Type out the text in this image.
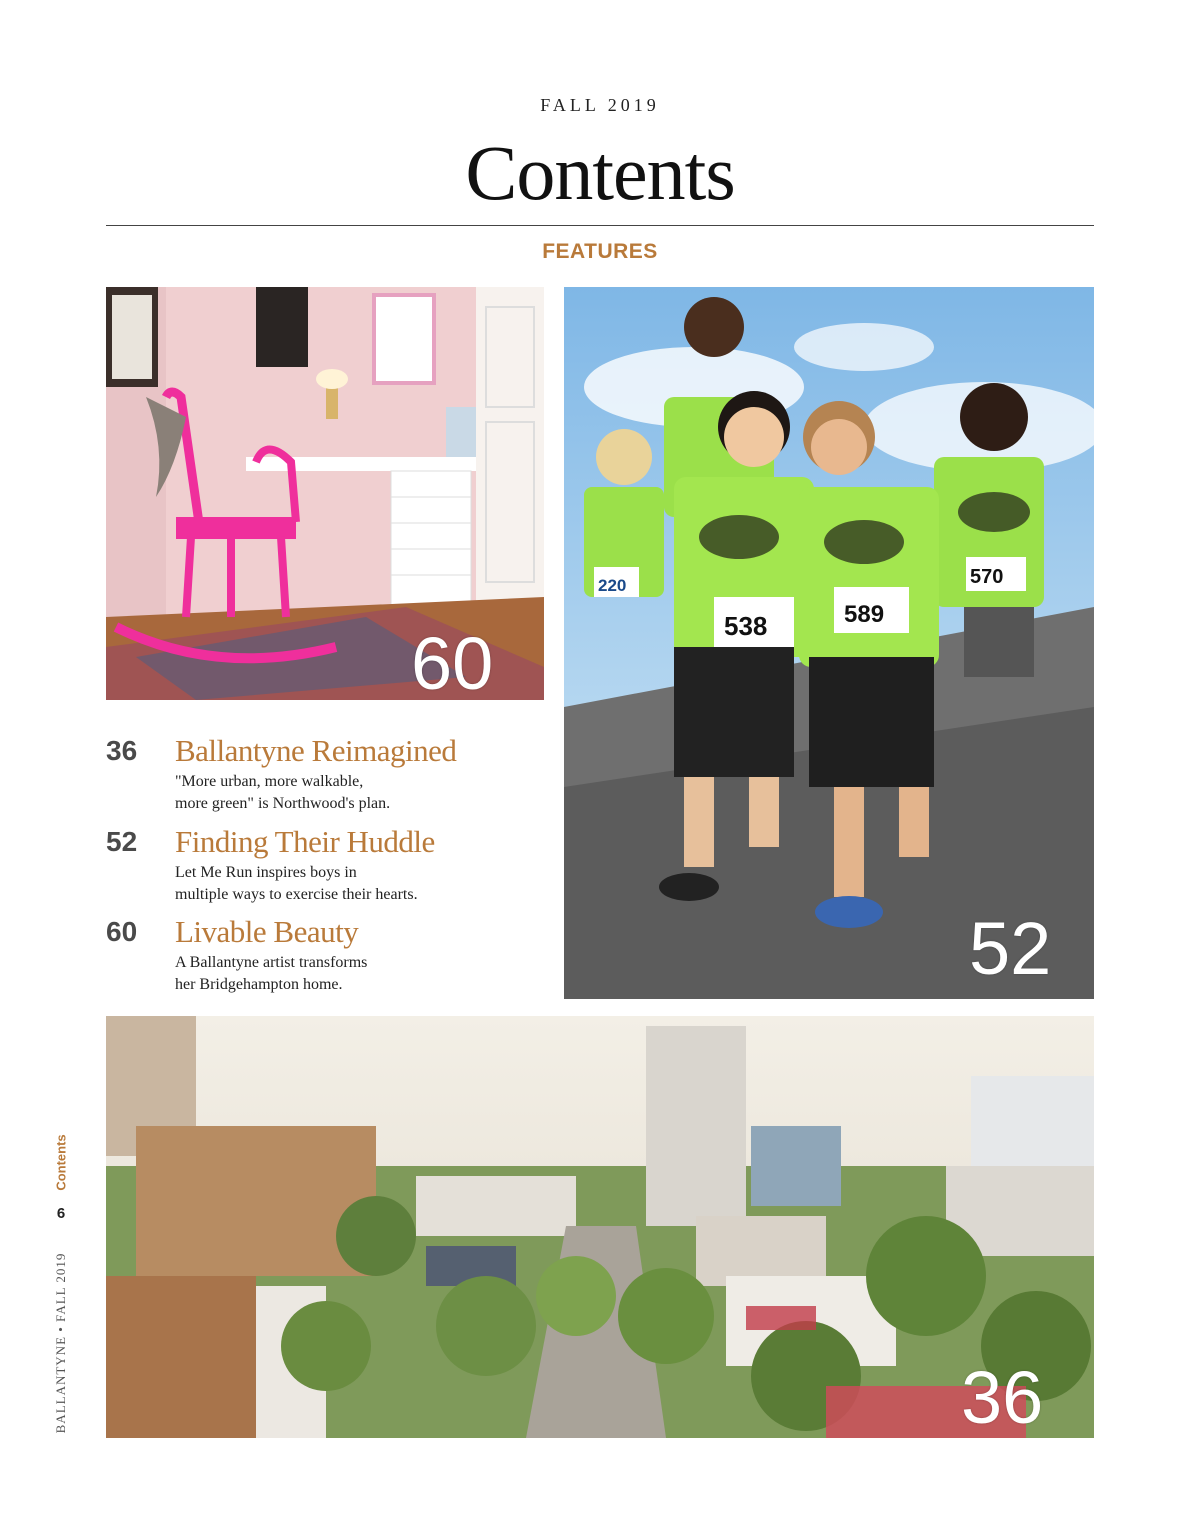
FALL 2019
Contents
FEATURES
60	538	589
220	570
52
36 Ballantyne Reimagined
"More urban, more walkable,
more green" is Northwood's plan.
52 Finding Their Huddle
Let Me Run inspires boys in
multiple ways to exercise their hearts.
60 Livable Beauty
A Ballantyne artist transforms
her Bridgehampton home.
36
Contents
6
BALLANTYNE • FALL 2019
